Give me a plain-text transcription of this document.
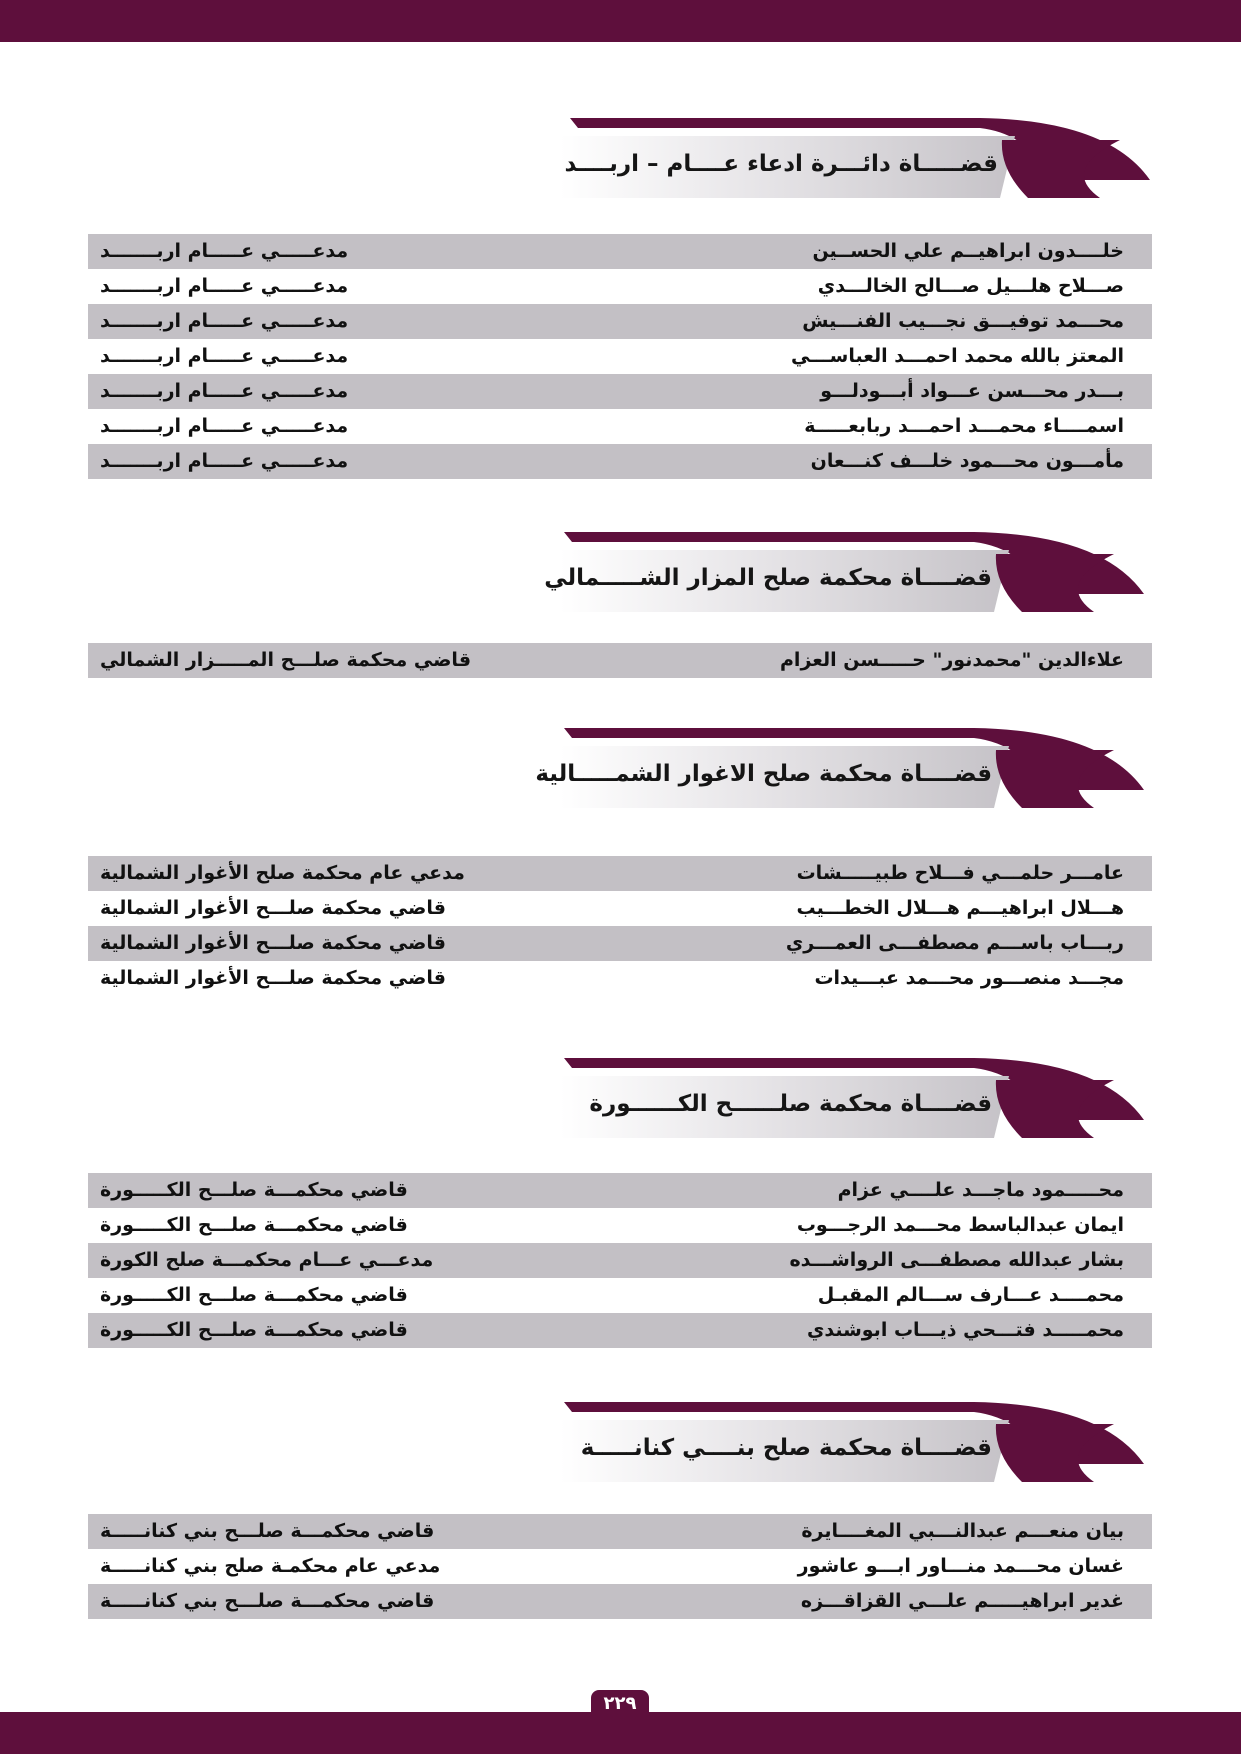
قضـــــاة دائـــرة ادعاء عــــام – اربــــد
خلــــدون ابراهيــم علي الحســين
مدعـــــي عـــــام اربـــــــد
صـــلاح هلـــيل صـــالح الخالـــدي
مدعـــــي عـــــام اربـــــــد
محـــمد توفيـــق نجـــيب الفنـــيش
مدعـــــي عـــــام اربـــــــد
المعتز بالله محمد احمـــد العباســـي
مدعـــــي عـــــام اربـــــــد
بـــدر محـــسن عـــواد أبـــودلـــو
مدعـــــي عـــــام اربـــــــد
اسمــــاء محمـــد احمـــد ربابعـــــة
مدعـــــي عـــــام اربـــــــد
مأمـــون محـــمود خلـــف كنـــعان
مدعـــــي عـــــام اربـــــــد
قضــــاة محكمة صلح المزار الشـــــمالي
علاءالدين "محمدنور" حـــــسن العزام
قاضي محكمة صلـــح المـــــزار الشمالي
قضــــاة محكمة صلح الاغوار الشمـــــالية
عامـــر حلمـــي فـــلاح طبيـــــشات
مدعي عام محكمة صلح الأغوار الشمالية
هـــلال ابراهيـــم هـــلال الخطـــيب
قاضي محكمة صلـــح الأغوار الشمالية
ربـــاب باســـم مصطفـــى العمـــري
قاضي محكمة صلـــح الأغوار الشمالية
مجـــد منصـــور محـــمد عبـــيدات
قاضي محكمة صلـــح الأغوار الشمالية
قضــــاة محكمة صلــــــح الكــــــورة
محـــــمود ماجـــد علــــي عزام
قاضي محكمـــة صلـــح الكـــــورة
ايمان عبدالباسط محـــمد الرجـــوب
قاضي محكمـــة صلـــح الكـــــورة
بشار عبدالله مصطفـــى الرواشـــده
مدعـــي عـــام محكمـــة صلح الكورة
محمــــد عـــارف ســـالم المقبـل
قاضي محكمـــة صلـــح الكـــــورة
محمـــــد فتـــحي ذيـــاب ابوشندي
قاضي محكمـــة صلـــح الكـــــورة
قضــــاة محكمة صلح بنــــي كنانـــــة
بيان منعـــم عبدالنـــبي المغــــايرة
قاضي محكمـــة صلـــح بني كنانـــــة
غسان محـــمد منـــاور ابـــو عاشور
مدعي عام محكمـة صلح بني كنانـــــة
غدير ابراهيـــــم علـــي القزاقـــزه
قاضي محكمـــة صلـــح بني كنانـــــة
٢٢٩
